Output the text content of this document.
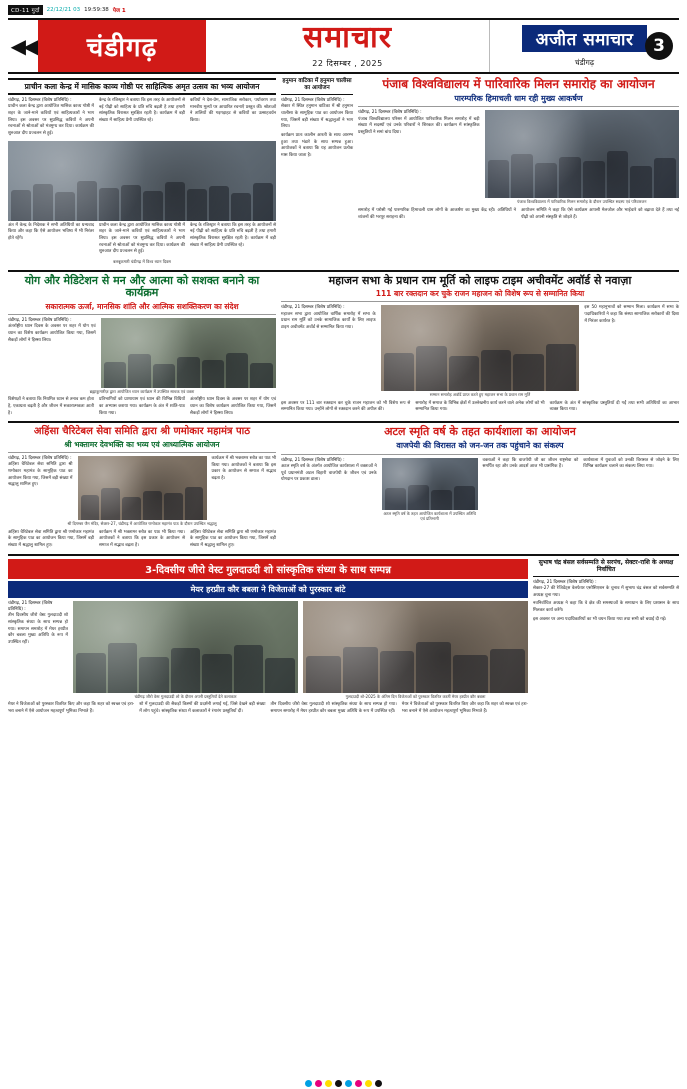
CD-11 गुर्दा	22/12/21 03 19:59:38 पेज 1
◀◀	चंडीगढ़	समाचार
22 दिसम्बर , 2025
अजीत समाचार
चंडीगढ़
3
प्राचीन कला केन्द्र में मासिक काव्य गोष्ठी पर साहित्यिक अमृत उत्सव का भव्य आयोजन
चंडीगढ़, 21 दिसम्बर (विशेष प्रतिनिधि) :
प्राचीन कला केन्द्र द्वारा आयोजित मासिक काव्य गोष्ठी में शहर के जाने-माने कवियों एवं साहित्यकारों ने भाग लिया। इस अवसर पर सुप्रसिद्ध कवियों ने अपनी रचनाओं से श्रोताओं को मंत्रमुग्ध कर दिया। कार्यक्रम की शुरुआत दीप प्रज्वलन से हुई।
केन्द्र के रजिस्ट्रार ने बताया कि इस तरह के आयोजनों से नई पीढ़ी को साहित्य के प्रति रुचि बढ़ती है तथा हमारी सांस्कृतिक विरासत सुरक्षित रहती है। कार्यक्रम में बड़ी संख्या में साहित्य प्रेमी उपस्थित रहे।
कवियों ने देश-प्रेम, सामाजिक सरोकार, पर्यावरण तथा मानवीय मूल्यों पर आधारित रचनाएँ प्रस्तुत कीं। श्रोताओं ने तालियों की गड़गड़ाहट से कवियों का उत्साहवर्धन किया।
अंत में केन्द्र के निदेशक ने सभी अतिथियों का धन्यवाद किया और कहा कि ऐसे आयोजन भविष्य में भी निरंतर होते रहेंगे।
प्राचीन कला केन्द्र द्वारा आयोजित मासिक काव्य गोष्ठी में शहर के जाने-माने कवियों एवं साहित्यकारों ने भाग लिया। इस अवसर पर सुप्रसिद्ध कवियों ने अपनी रचनाओं से श्रोताओं को मंत्रमुग्ध कर दिया। कार्यक्रम की शुरुआत दीप प्रज्वलन से हुई।
केन्द्र के रजिस्ट्रार ने बताया कि इस तरह के आयोजनों से नई पीढ़ी को साहित्य के प्रति रुचि बढ़ती है तथा हमारी सांस्कृतिक विरासत सुरक्षित रहती है। कार्यक्रम में बड़ी संख्या में साहित्य प्रेमी उपस्थित रहे।
बलबूकमारी चंडीगढ़ में विश्व ध्यान दिवस
हनुमान वाटिका में हनुमान चालीसा का आयोजन
चंडीगढ़, 21 दिसम्बर (विशेष प्रतिनिधि) :
सेक्टर में स्थित हनुमान वाटिका में श्री हनुमान चालीसा के सामूहिक पाठ का आयोजन किया गया, जिसमें बड़ी संख्या में श्रद्धालुओं ने भाग लिया।
कार्यक्रम प्रातः कालीन आरती के साथ आरम्भ हुआ तथा भंडारे के साथ सम्पन्न हुआ। आयोजकों ने बताया कि यह आयोजन प्रत्येक मास किया जाता है।
पंजाब विश्वविद्यालय में पारिवारिक मिलन समारोह का आयोजन
पारम्परिक हिमाचली धाम रही मुख्य आकर्षण
चंडीगढ़, 21 दिसम्बर (विशेष प्रतिनिधि) :
पंजाब विश्वविद्यालय परिसर में आयोजित पारिवारिक मिलन समारोह में बड़ी संख्या में सदस्यों एवं उनके परिवारों ने शिरकत की। कार्यक्रम में सांस्कृतिक प्रस्तुतियों ने समां बांध दिया।
पंजाब विश्वविद्यालय में पारिवारिक मिलन समारोह के दौरान उपस्थित सदस्य एवं परिवारजन
समारोह में परोसी गई पारम्परिक हिमाचली धाम लोगों के आकर्षण का मुख्य केंद्र रही। अतिथियों ने व्यंजनों की भरपूर सराहना की।
आयोजन समिति ने कहा कि ऐसे कार्यक्रम आपसी मेलजोल और भाईचारे को बढ़ावा देते हैं तथा नई पीढ़ी को अपनी संस्कृति से जोड़ते हैं।
योग और मेडिटेशन से मन और आत्मा को सशक्त बनाने का कार्यक्रम
सकारात्मक ऊर्जा, मानसिक शांति और आत्मिक सशक्तिकरण का संदेश
चंडीगढ़, 21 दिसम्बर (विशेष प्रतिनिधि) :
अंतर्राष्ट्रीय ध्यान दिवस के अवसर पर शहर में योग एवं ध्यान का विशेष कार्यक्रम आयोजित किया गया, जिसमें सैकड़ों लोगों ने हिस्सा लिया।
ब्रह्माकुमारीज़ द्वारा आयोजित ध्यान कार्यक्रम में उपस्थित साधक एवं वक्ता
विशेषज्ञों ने बताया कि नियमित ध्यान से तनाव कम होता है, एकाग्रता बढ़ती है और जीवन में सकारात्मकता आती है।
प्रतिभागियों को प्राणायाम एवं ध्यान की विभिन्न विधियों का अभ्यास कराया गया। कार्यक्रम के अंत में शांति-पाठ किया गया।
अंतर्राष्ट्रीय ध्यान दिवस के अवसर पर शहर में योग एवं ध्यान का विशेष कार्यक्रम आयोजित किया गया, जिसमें सैकड़ों लोगों ने हिस्सा लिया।
महाजन सभा के प्रधान राम मूर्ति को लाइफ टाइम अचीवमेंट अवॉर्ड से नवाज़ा
111 बार रक्तदान कर चुके राजन महाजन को विशेष रूप से सम्मानित किया
चंडीगढ़, 21 दिसम्बर (विशेष प्रतिनिधि) :
महाजन सभा द्वारा आयोजित वार्षिक समारोह में सभा के प्रधान राम मूर्ति को उनके सामाजिक कार्यों के लिए लाइफ टाइम अचीवमेंट अवॉर्ड से सम्मानित किया गया।
सम्मान समारोह अवॉर्ड प्राप्त करते हुए महाजन सभा के प्रधान राम मूर्ति
इस 50 महानुभावों को सम्मान मिला। कार्यक्रम में सभा के पदाधिकारियों ने कहा कि संस्था सामाजिक सरोकारों की दिशा में निरंतर कार्यरत है।
इस अवसर पर 111 बार रक्तदान कर चुके राजन महाजन को भी विशेष रूप से सम्मानित किया गया। उन्होंने लोगों से रक्तदान करने की अपील की।
समारोह में समाज के विभिन्न क्षेत्रों में उल्लेखनीय कार्य करने वाले अनेक लोगों को भी सम्मानित किया गया।
कार्यक्रम के अंत में सांस्कृतिक प्रस्तुतियाँ दी गईं तथा सभी अतिथियों का आभार व्यक्त किया गया।
अहिंसा चैरिटेबल सेवा समिति द्वारा श्री णमोकार महामंत्र पाठ
श्री भक्तामर देवभक्ति का भव्य एवं आध्यात्मिक आयोजन
चंडीगढ़, 21 दिसम्बर (विशेष प्रतिनिधि) :
अहिंसा चैरिटेबल सेवा समिति द्वारा श्री णमोकार महामंत्र के सामूहिक पाठ का आयोजन किया गया, जिसमें बड़ी संख्या में श्रद्धालु शामिल हुए।
कार्यक्रम में श्री भक्तामर स्तोत्र का पाठ भी किया गया। आयोजकों ने बताया कि इस प्रकार के आयोजन से समाज में सद्भाव बढ़ता है।
श्री दिगम्बर जैन मंदिर, सेक्टर-27, चंडीगढ़ में आयोजित णमोकार महामंत्र पाठ के दौरान उपस्थित श्रद्धालु
अहिंसा चैरिटेबल सेवा समिति द्वारा श्री णमोकार महामंत्र के सामूहिक पाठ का आयोजन किया गया, जिसमें बड़ी संख्या में श्रद्धालु शामिल हुए।
कार्यक्रम में श्री भक्तामर स्तोत्र का पाठ भी किया गया। आयोजकों ने बताया कि इस प्रकार के आयोजन से समाज में सद्भाव बढ़ता है।
अहिंसा चैरिटेबल सेवा समिति द्वारा श्री णमोकार महामंत्र के सामूहिक पाठ का आयोजन किया गया, जिसमें बड़ी संख्या में श्रद्धालु शामिल हुए।
अटल स्मृति वर्ष के तहत कार्यशाला का आयोजन
वाजपेयी की विरासत को जन-जन तक पहुंचाने का संकल्प
चंडीगढ़, 21 दिसम्बर (विशेष प्रतिनिधि) :
अटल स्मृति वर्ष के अंतर्गत आयोजित कार्यशाला में वक्ताओं ने पूर्व प्रधानमंत्री अटल बिहारी वाजपेयी के जीवन एवं उनके योगदान पर प्रकाश डाला।
अटल स्मृति वर्ष के तहत आयोजित कार्यशाला में उपस्थित अतिथि एवं प्रतिभागी
वक्ताओं ने कहा कि वाजपेयी जी का जीवन राष्ट्रसेवा को समर्पित रहा और उनके आदर्श आज भी प्रासंगिक हैं।
कार्यशाला में युवाओं को उनकी विरासत से जोड़ने के लिए विभिन्न कार्यक्रम चलाने का संकल्प लिया गया।
3-दिवसीय जीरो वेस्ट गुलदाउदी शो सांस्कृतिक संध्या के साथ सम्पन्न
मेयर हरप्रीत कौर बबला ने विजेताओं को पुरस्कार बांटे
चंडीगढ़, 21 दिसम्बर (विशेष प्रतिनिधि) :
तीन दिवसीय जीरो वेस्ट गुलदाउदी शो सांस्कृतिक संध्या के साथ सम्पन्न हो गया। समापन समारोह में मेयर हरप्रीत कौर बबला मुख्य अतिथि के रूप में उपस्थित रहीं।
चंडीगढ़ जीरो वेस्ट गुलदाउदी शो के दौरान अपनी प्रस्तुतियाँ देते कलाकार	गुलदाउदी शो-2025 के अंतिम दिन विजेताओं को पुरस्कार वितरित करतीं मेयर हरप्रीत कौर बबला
मेयर ने विजेताओं को पुरस्कार वितरित किए और कहा कि शहर को स्वच्छ एवं हरा-भरा बनाने में ऐसे आयोजन महत्वपूर्ण भूमिका निभाते हैं।
शो में गुलदाउदी की सैकड़ों किस्मों की प्रदर्शनी लगाई गई, जिसे देखने बड़ी संख्या में लोग पहुंचे। सांस्कृतिक संध्या में कलाकारों ने रंगारंग प्रस्तुतियाँ दीं।
तीन दिवसीय जीरो वेस्ट गुलदाउदी शो सांस्कृतिक संध्या के साथ सम्पन्न हो गया। समापन समारोह में मेयर हरप्रीत कौर बबला मुख्य अतिथि के रूप में उपस्थित रहीं।
मेयर ने विजेताओं को पुरस्कार वितरित किए और कहा कि शहर को स्वच्छ एवं हरा-भरा बनाने में ऐसे आयोजन महत्वपूर्ण भूमिका निभाते हैं।
सुभाष चंद्र बंसल सर्वसम्मति से सरपंच, सेक्टर-राशि के अध्यक्ष निर्वाचित
चंडीगढ़, 21 दिसम्बर (विशेष प्रतिनिधि) :
सेक्टर-27 की रेजिडेंट्स वेलफेयर एसोसिएशन के चुनाव में सुभाष चंद्र बंसल को सर्वसम्मति से अध्यक्ष चुना गया।
नवनिर्वाचित अध्यक्ष ने कहा कि वे क्षेत्र की समस्याओं के समाधान के लिए प्रशासन के साथ मिलकर कार्य करेंगे।
इस अवसर पर अन्य पदाधिकारियों का भी चयन किया गया तथा सभी को बधाई दी गई।
